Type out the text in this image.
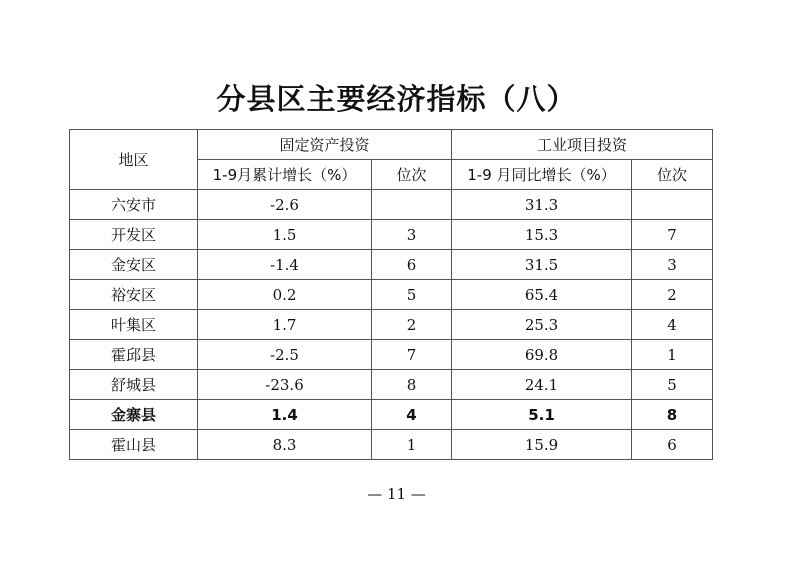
分县区主要经济指标（八）
地区	固定资产投资		工业项目投资	
	1-9月累计增长（%）	位次	1-9 月同比增长（%）	位次
六安市	-2.6		31.3	
开发区	1.5	3	15.3	7
金安区	-1.4	6	31.5	3
裕安区	0.2	5	65.4	2
叶集区	1.7	2	25.3	4
霍邱县	-2.5	7	69.8	1
舒城县	-23.6	8	24.1	5
金寨县	1.4	4	5.1	8
霍山县	8.3	1	15.9	6
— 11 —
